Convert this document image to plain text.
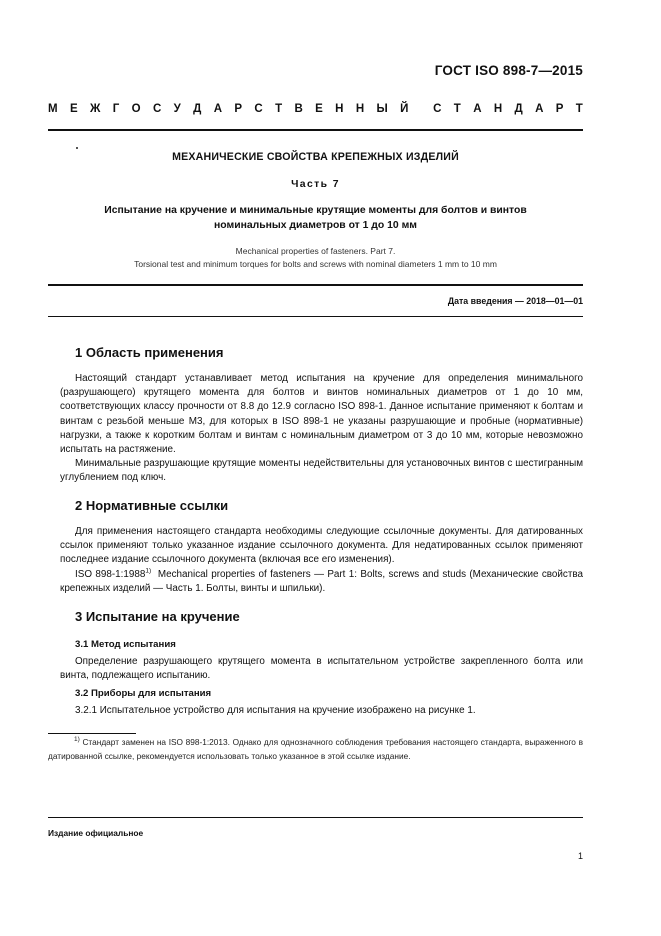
ГОСТ ISO 898-7—2015
М Е Ж Г О С У Д А Р С Т В Е Н Н Ы Й С Т А Н Д А Р Т
МЕХАНИЧЕСКИЕ СВОЙСТВА КРЕПЕЖНЫХ ИЗДЕЛИЙ
Часть 7
Испытание на кручение и минимальные крутящие моменты для болтов и винтов
номинальных диаметров от 1 до 10 мм
Mechanical properties of fasteners. Part 7.
Torsional test and minimum torques for bolts and screws with nominal diameters 1 mm to 10 mm
Дата введения — 2018—01—01
1 Область применения
Настоящий стандарт устанавливает метод испытания на кручение для определения минимального (разрушающего) крутящего момента для болтов и винтов номинальных диаметров от 1 до 10 мм, соответствующих классу прочности от 8.8 до 12.9 согласно ISO 898-1. Данное испытание применяют к болтам и винтам с резьбой меньше М3, для которых в ISO 898-1 не указаны разрушающие и пробные (нормативные) нагрузки, а также к коротким болтам и винтам с номинальным диаметром от 3 до 10 мм, которые невозможно испытать на растяжение.
Минимальные разрушающие крутящие моменты недействительны для установочных винтов с шестигранным углублением под ключ.
2 Нормативные ссылки
Для применения настоящего стандарта необходимы следующие ссылочные документы. Для датированных ссылок применяют только указанное издание ссылочного документа. Для недатированных ссылок применяют последнее издание ссылочного документа (включая все его изменения).
ISO 898-1:1988$^{1)}$ Mechanical properties of fasteners — Part 1: Bolts, screws and studs (Механические свойства крепежных изделий — Часть 1. Болты, винты и шпильки).
3 Испытание на кручение
3.1 Метод испытания
Определение разрушающего крутящего момента в испытательном устройстве закрепленного болта или винта, подлежащего испытанию.
3.2 Приборы для испытания
3.2.1 Испытательное устройство для испытания на кручение изображено на рисунке 1.
$^{1)}$ Стандарт заменен на ISO 898-1:2013. Однако для однозначного соблюдения требования настоящего стандарта, выраженного в датированной ссылке, рекомендуется использовать только указанное в этой ссылке издание.
Издание официальное
1
